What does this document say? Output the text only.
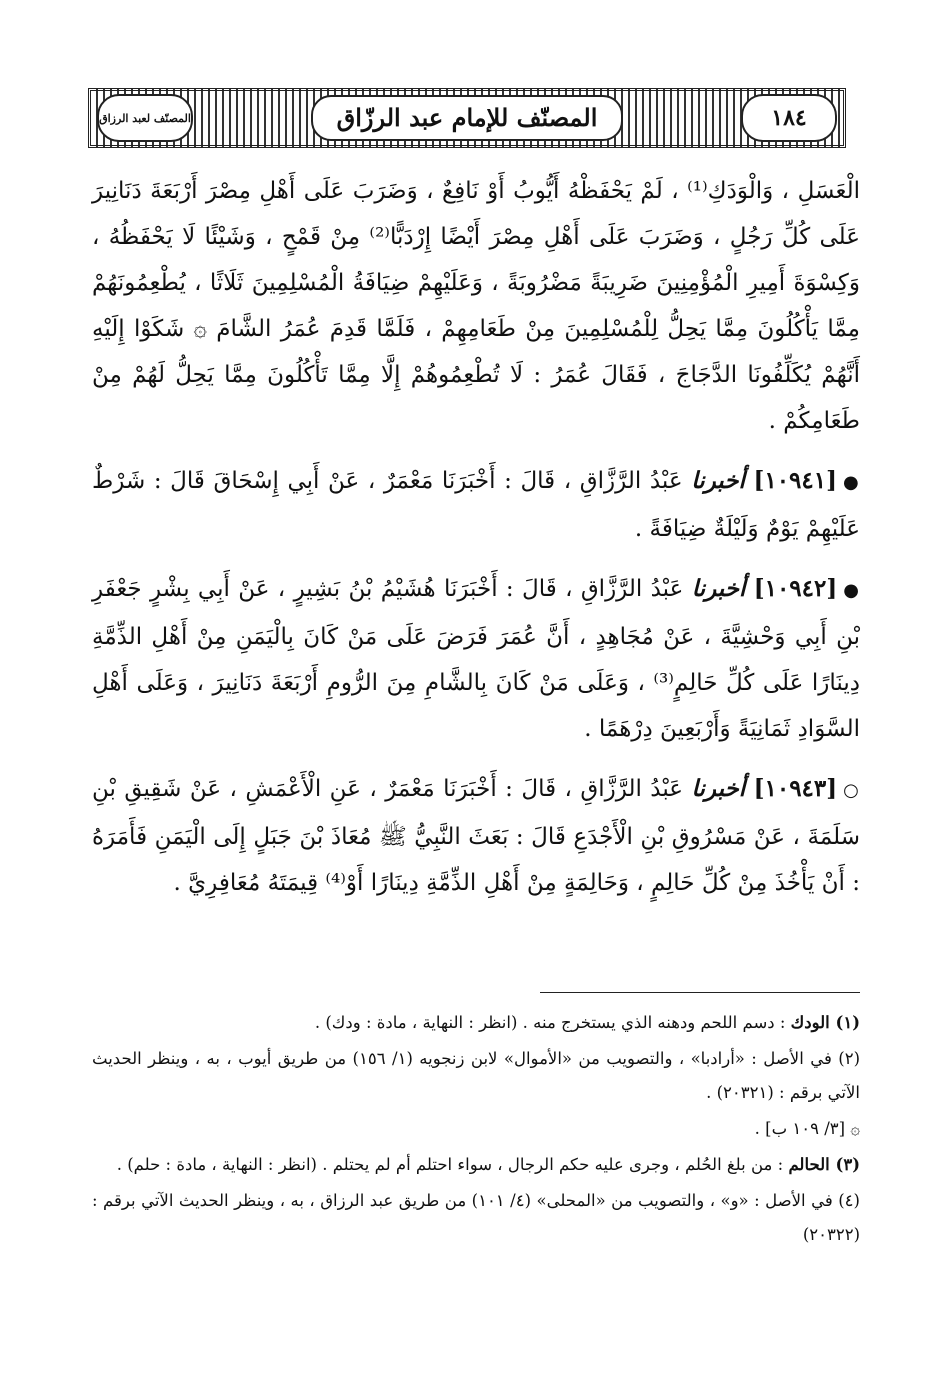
المصنّف لعبد الرزاق	المصنّف للإمام عبد الرزّاق	١٨٤

الْعَسَلِ ، وَالْوَدَكِ⁽¹⁾ ، لَمْ يَحْفَظْهُ أَيُّوبُ أَوْ نَافِعٌ ، وَضَرَبَ عَلَى أَهْلِ مِصْرَ أَرْبَعَةَ دَنَانِيرَ عَلَى كُلِّ رَجُلٍ ، وَضَرَبَ عَلَى أَهْلِ مِصْرَ أَيْضًا إِرْدَبًّا⁽²⁾ مِنْ قَمْحٍ ، وَشَيْئًا لَا يَحْفَظُهُ ، وَكِسْوَةَ أَمِيرِ الْمُؤْمِنِينَ ضَرِيبَةً مَضْرُوبَةً ، وَعَلَيْهِمْ ضِيَافَةُ الْمُسْلِمِينَ ثَلَاثًا ، يُطْعِمُونَهُمْ مِمَّا يَأْكُلُونَ مِمَّا يَحِلُّ لِلْمُسْلِمِينَ مِنْ طَعَامِهِمْ ، فَلَمَّا قَدِمَ عُمَرُ الشَّامَ ۞ شَكَوْا إِلَيْهِ أَنَّهُمْ يُكَلِّفُونَا الدَّجَاجَ ، فَقَالَ عُمَرُ : لَا تُطْعِمُوهُمْ إِلَّا مِمَّا تَأْكُلُونَ مِمَّا يَحِلُّ لَهُمْ مِنْ طَعَامِكُمْ .

●[١٠٩٤١] أخبرنا عَبْدُ الرَّزَّاقِ ، قَالَ : أَخْبَرَنَا مَعْمَرٌ ، عَنْ أَبِي إِسْحَاقَ قَالَ : شَرْطٌ عَلَيْهِمْ يَوْمٌ وَلَيْلَةٌ ضِيَافَةً .

●[١٠٩٤٢] أخبرنا عَبْدُ الرَّزَّاقِ ، قَالَ : أَخْبَرَنَا هُشَيْمُ بْنُ بَشِيرٍ ، عَنْ أَبِي بِشْرٍ جَعْفَرِ بْنِ أَبِي وَحْشِيَّةَ ، عَنْ مُجَاهِدٍ ، أَنَّ عُمَرَ فَرَضَ عَلَى مَنْ كَانَ بِالْيَمَنِ مِنْ أَهْلِ الذِّمَّةِ دِينَارًا عَلَى كُلِّ حَالِمٍ⁽³⁾ ، وَعَلَى مَنْ كَانَ بِالشَّامِ مِنَ الرُّومِ أَرْبَعَةَ دَنَانِيرَ ، وَعَلَى أَهْلِ السَّوَادِ ثَمَانِيَةً وَأَرْبَعِينَ دِرْهَمًا .

○[١٠٩٤٣] أخبرنا عَبْدُ الرَّزَّاقِ ، قَالَ : أَخْبَرَنَا مَعْمَرٌ ، عَنِ الْأَعْمَشِ ، عَنْ شَقِيقِ بْنِ سَلَمَةَ ، عَنْ مَسْرُوقِ بْنِ الْأَجْدَعِ قَالَ : بَعَثَ النَّبِيُّ ﷺ مُعَاذَ بْنَ جَبَلٍ إِلَى الْيَمَنِ فَأَمَرَهُ : أَنْ يَأْخُذَ مِنْ كُلِّ حَالِمٍ ، وَحَالِمَةٍ مِنْ أَهْلِ الذِّمَّةِ دِينَارًا أَوْ⁽⁴⁾ قِيمَتَهُ مُعَافِرِيَّ .

(١) الودك : دسم اللحم ودهنه الذي يستخرج منه . (انظر : النهاية ، مادة : ودك) .

(٢) في الأصل : «أرادبا» ، والتصويب من «الأموال» لابن زنجويه (١/ ١٥٦) من طريق أيوب ، به ، وينظر الحديث الآتي برقم : (٢٠٣٢١) .

۞ [٣/ ١٠٩ ب] .

(٣) الحالم : من بلغ الحُلم ، وجرى عليه حكم الرجال ، سواء احتلم أم لم يحتلم . (انظر : النهاية ، مادة : حلم) .

(٤) في الأصل : «و» ، والتصويب من «المحلى» (٤/ ١٠١) من طريق عبد الرزاق ، به ، وينظر الحديث الآتي برقم : (٢٠٣٢٢)
